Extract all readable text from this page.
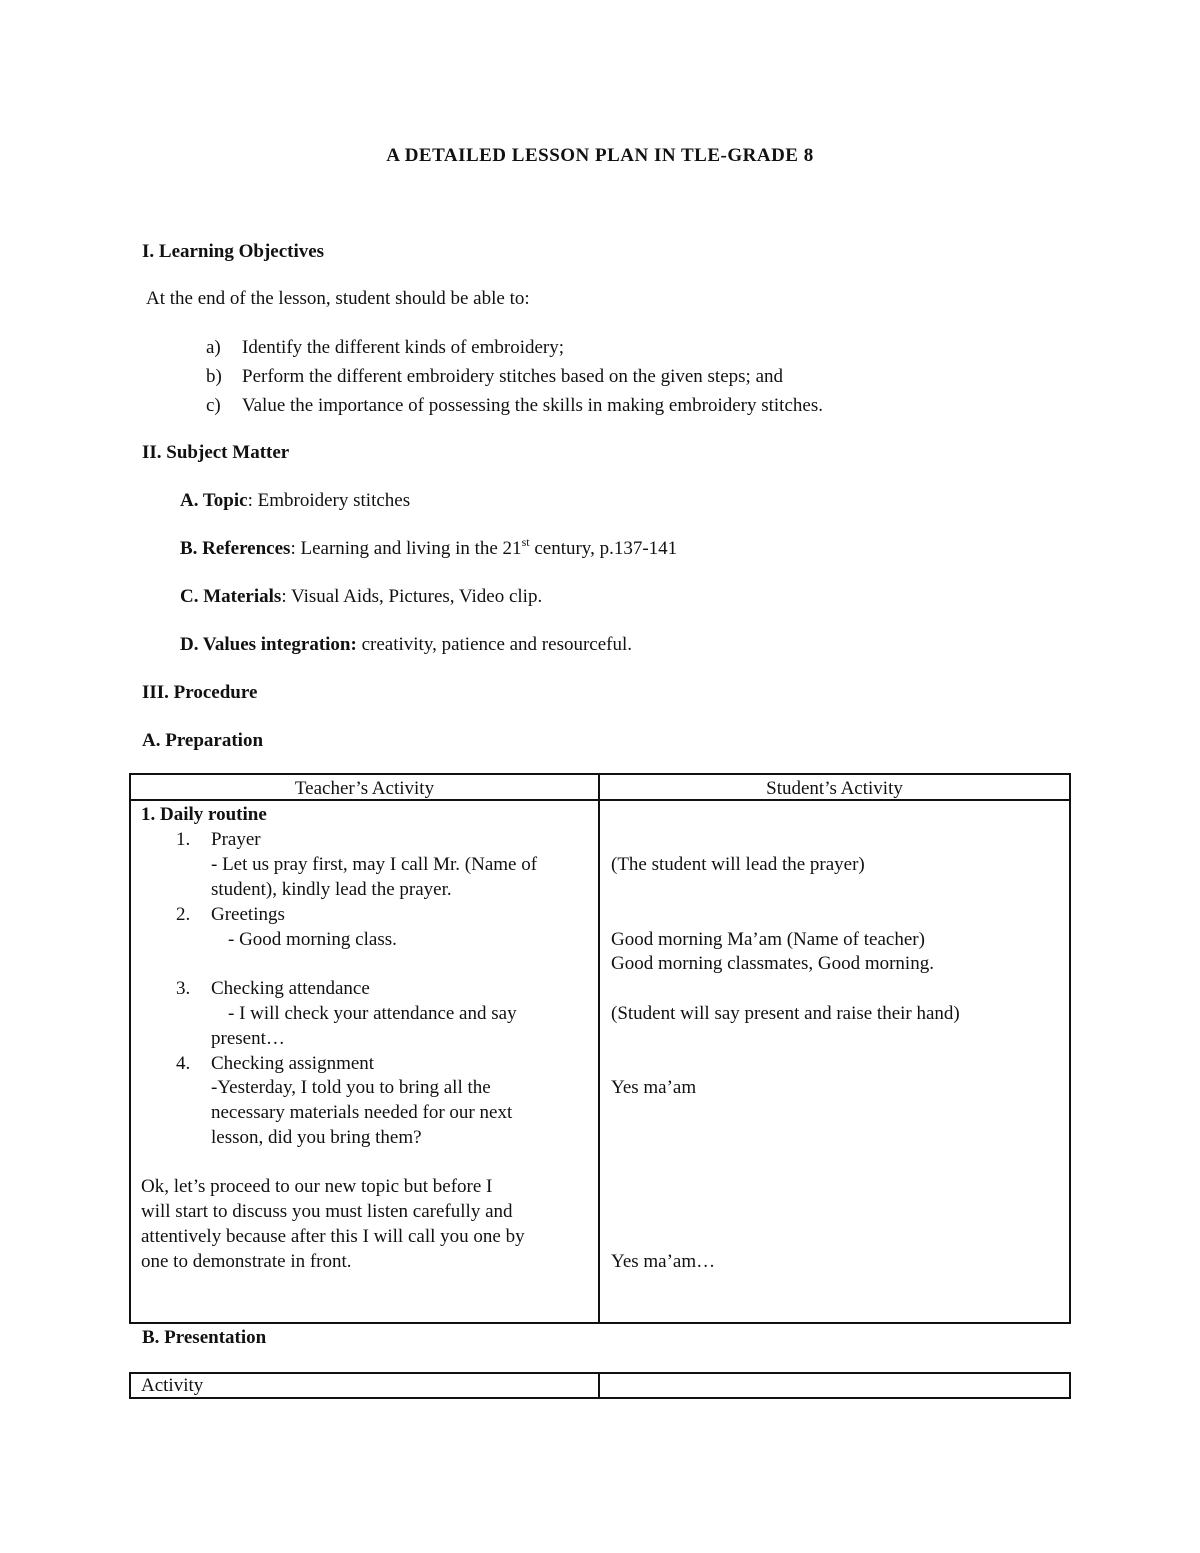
A DETAILED LESSON PLAN IN TLE-GRADE 8
I. Learning Objectives
At the end of the lesson, student should be able to:
a) Identify the different kinds of embroidery;
b) Perform the different embroidery stitches based on the given steps; and
c) Value the importance of possessing the skills in making embroidery stitches.
II. Subject Matter
A. Topic: Embroidery stitches
B. References: Learning and living in the 21st century, p.137-141
C. Materials: Visual Aids, Pictures, Video clip.
D. Values integration: creativity, patience and resourceful.
III. Procedure
A. Preparation
Teacher’s Activity	Student’s Activity
1. Daily routine
1. Prayer
- Let us pray first, may I call Mr. (Name of
student), kindly lead the prayer.
2. Greetings
- Good morning class.
3. Checking attendance
- I will check your attendance and say
present…
4. Checking assignment
-Yesterday, I told you to bring all the
necessary materials needed for our next
lesson, did you bring them?
Ok, let’s proceed to our new topic but before I
will start to discuss you must listen carefully and
attentively because after this I will call you one by
one to demonstrate in front.
(The student will lead the prayer)
Good morning Ma’am (Name of teacher)
Good morning classmates, Good morning.
(Student will say present and raise their hand)
Yes ma’am
Yes ma’am…
B. Presentation
Activity
